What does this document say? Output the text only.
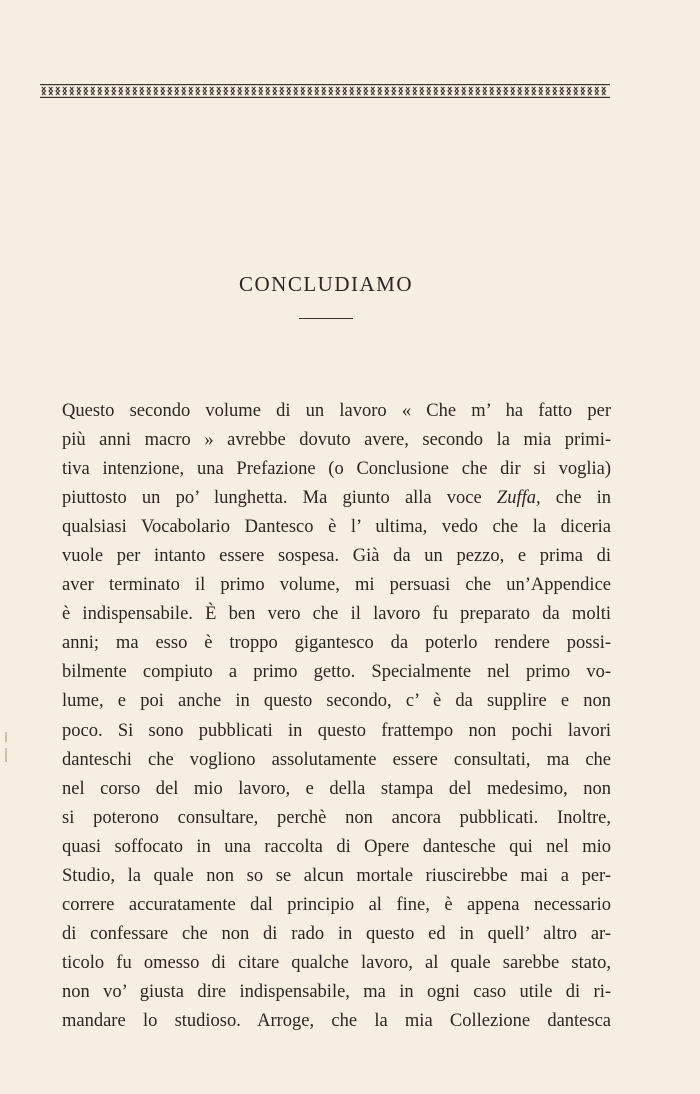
CONCLUDIAMO
Questo secondo volume di un lavoro « Che m’ ha fatto per
più anni macro » avrebbe dovuto avere, secondo la mia primi-
tiva intenzione, una Prefazione (o Conclusione che dir si voglia)
piuttosto un po’ lunghetta. Ma giunto alla voce Zuffa, che in
qualsiasi Vocabolario Dantesco è l’ ultima, vedo che la diceria
vuole per intanto essere sospesa. Già da un pezzo, e prima di
aver terminato il primo volume, mi persuasi che un’Appendice
è indispensabile. È ben vero che il lavoro fu preparato da molti
anni; ma esso è troppo gigantesco da poterlo rendere possi-
bilmente compiuto a primo getto. Specialmente nel primo vo-
lume, e poi anche in questo secondo, c’ è da supplire e non
poco. Si sono pubblicati in questo frattempo non pochi lavori
danteschi che vogliono assolutamente essere consultati, ma che
nel corso del mio lavoro, e della stampa del medesimo, non
si poterono consultare, perchè non ancora pubblicati. Inoltre,
quasi soffocato in una raccolta di Opere dantesche qui nel mio
Studio, la quale non so se alcun mortale riuscirebbe mai a per-
correre accuratamente dal principio al fine, è appena necessario
di confessare che non di rado in questo ed in quell’ altro ar-
ticolo fu omesso di citare qualche lavoro, al quale sarebbe stato,
non vo’ giusta dire indispensabile, ma in ogni caso utile di ri-
mandare lo studioso. Arroge, che la mia Collezione dantesca
